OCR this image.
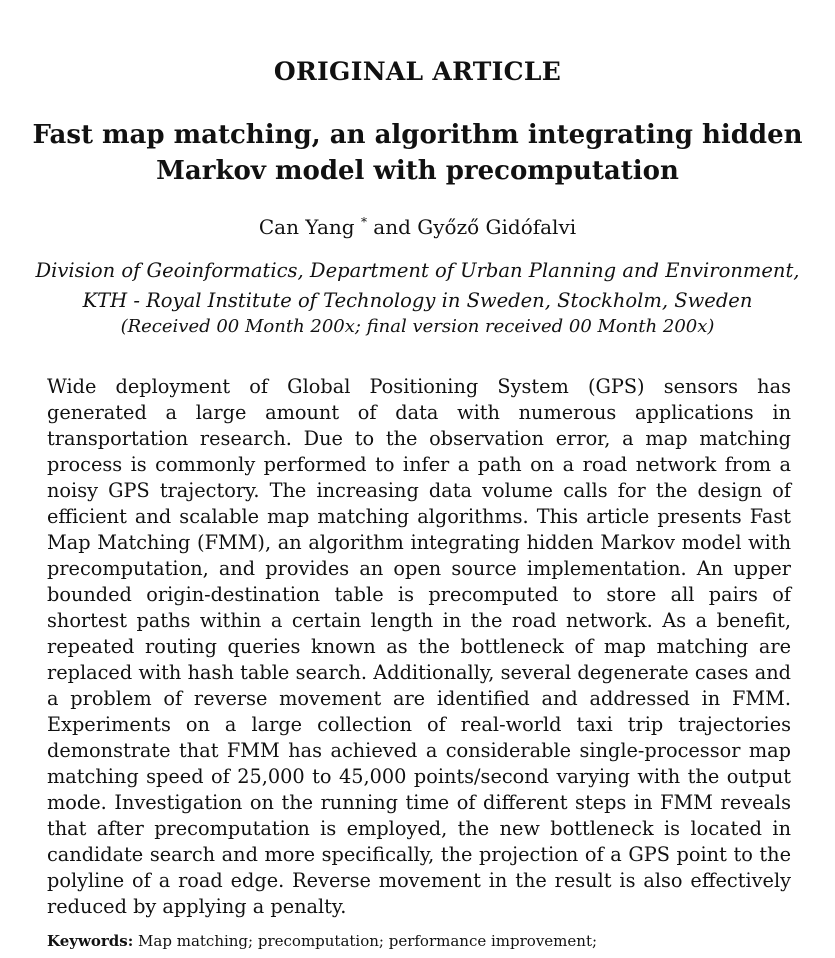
ORIGINAL ARTICLE
Fast map matching, an algorithm integrating hidden Markov model with precomputation
Can Yang * and Győző Gidófalvi
Division of Geoinformatics, Department of Urban Planning and Environment,
KTH - Royal Institute of Technology in Sweden, Stockholm, Sweden
(Received 00 Month 200x; final version received 00 Month 200x)

Wide deployment of Global Positioning System (GPS) sensors has generated a large amount of data with numerous applications in transportation research. Due to the observation error, a map matching process is commonly performed to infer a path on a road network from a noisy GPS trajectory. The increasing data volume calls for the design of efficient and scalable map matching algorithms. This article presents Fast Map Matching (FMM), an algorithm integrating hidden Markov model with precomputation, and provides an open source implementation. An upper bounded origin-destination table is precomputed to store all pairs of shortest paths within a certain length in the road network. As a benefit, repeated routing queries known as the bottleneck of map matching are replaced with hash table search. Additionally, several degenerate cases and a problem of reverse movement are identified and addressed in FMM. Experiments on a large collection of real-world taxi trip trajectories demonstrate that FMM has achieved a considerable single-processor map matching speed of 25,000 to 45,000 points/second varying with the output mode. Investigation on the running time of different steps in FMM reveals that after precomputation is employed, the new bottleneck is located in candidate search and more specifically, the projection of a GPS point to the polyline of a road edge. Reverse movement in the result is also effectively reduced by applying a penalty.

Keywords: Map matching; precomputation; performance improvement;
